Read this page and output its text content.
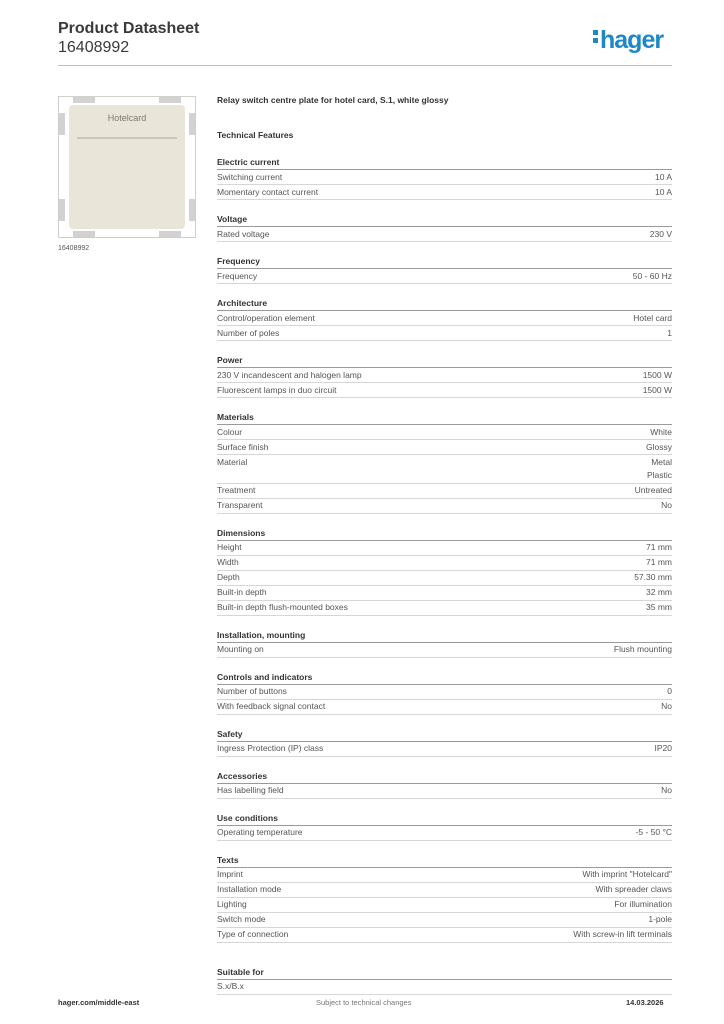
Product Datasheet
16408992	hager
Hotelcard
16408992
Relay switch centre plate for hotel card, S.1, white glossy
Technical Features
Electric current
Switching current	10 A
Momentary contact current	10 A
Voltage
Rated voltage	230 V
Frequency
Frequency	50 - 60 Hz
Architecture
Control/operation element	Hotel card
Number of poles	1
Power
230 V incandescent and halogen lamp	1500 W
Fluorescent lamps in duo circuit	1500 W
Materials
Colour	White
Surface finish	Glossy
Material	Metal
Plastic
Treatment	Untreated
Transparent	No
Dimensions
Height	71 mm
Width	71 mm
Depth	57.30 mm
Built-in depth	32 mm
Built-in depth flush-mounted boxes	35 mm
Installation, mounting
Mounting on	Flush mounting
Controls and indicators
Number of buttons	0
With feedback signal contact	No
Safety
Ingress Protection (IP) class	IP20
Accessories
Has labelling field	No
Use conditions
Operating temperature	-5 - 50 °C
Texts
Imprint	With imprint "Hotelcard"
Installation mode	With spreader claws
Lighting	For illumination
Switch mode	1-pole
Type of connection	With screw-in lift terminals
Suitable for
S.x/B.x
hager.com/middle-east	Subject to technical changes	14.03.2026
